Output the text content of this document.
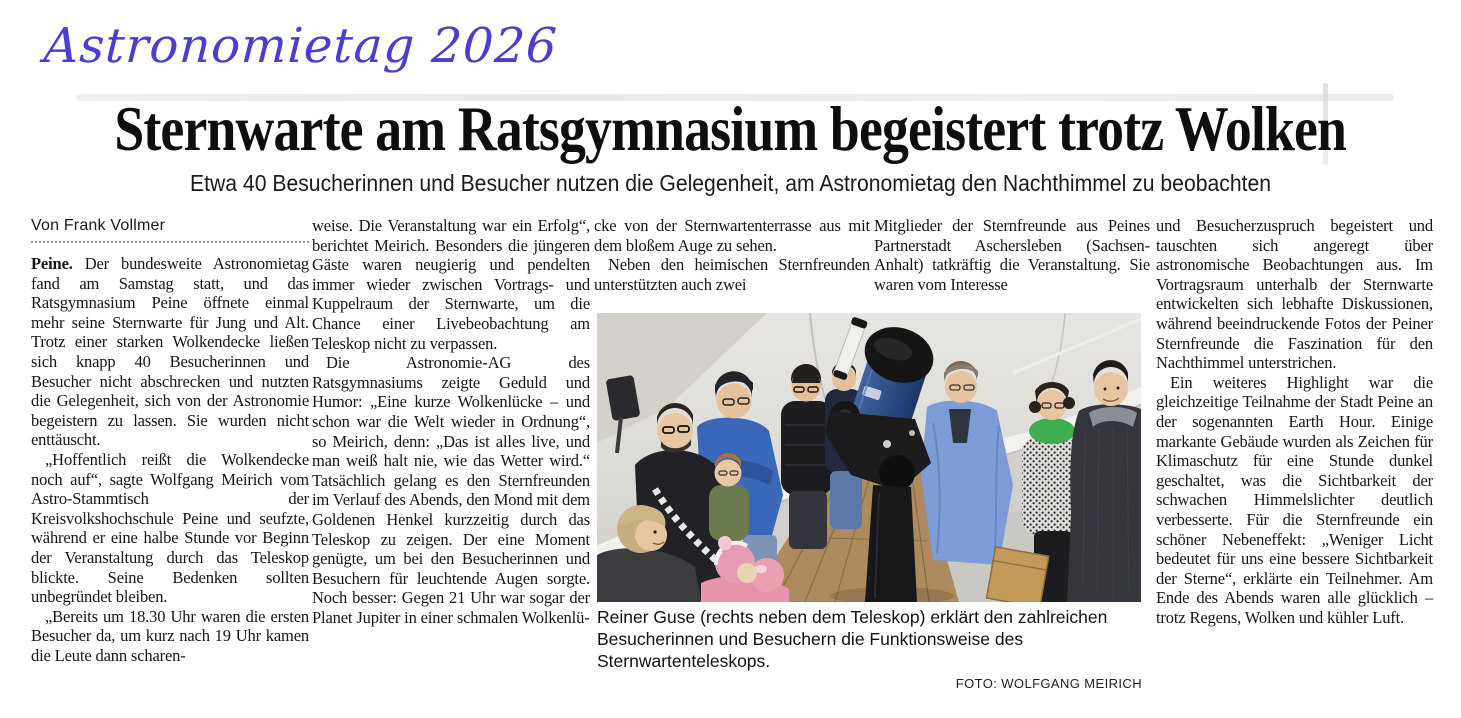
Astronomietag 2026
Sternwarte am Ratsgymnasium begeistert trotz Wolken
Etwa 40 Besucherinnen und Besucher nutzen die Gelegenheit, am Astronomietag den Nachthimmel zu beobachten
Von Frank Vollmer

Peine. Der bundesweite Astronomietag fand am Samstag statt, und das Ratsgymnasium Peine öffnete einmal mehr seine Sternwarte für Jung und Alt. Trotz einer starken Wolkendecke ließen sich knapp 40 Besucherinnen und Besucher nicht abschrecken und nutzten die Gelegenheit, sich von der Astronomie begeistern zu lassen. Sie wurden nicht enttäuscht.

„Hoffentlich reißt die Wolkendecke noch auf“, sagte Wolfgang Meirich vom Astro-Stammtisch der Kreisvolkshochschule Peine und seufzte, während er eine halbe Stunde vor Beginn der Veranstaltung durch das Teleskop blickte. Seine Bedenken sollten unbegründet bleiben.

„Bereits um 18.30 Uhr waren die ersten Besucher da, um kurz nach 19 Uhr kamen die Leute dann scharen-

weise. Die Veranstaltung war ein Erfolg“, berichtet Meirich. Besonders die jüngeren Gäste waren neugierig und pendelten immer wieder zwischen Vortrags- und Kuppelraum der Sternwarte, um die Chance einer Livebeobachtung am Teleskop nicht zu verpassen.

Die Astronomie-AG des Ratsgymnasiums zeigte Geduld und Humor: „Eine kurze Wolkenlücke – und schon war die Welt wieder in Ordnung“, so Meirich, denn: „Das ist alles live, und man weiß halt nie, wie das Wetter wird.“ Tatsächlich gelang es den Sternfreunden im Verlauf des Abends, den Mond mit dem Goldenen Henkel kurzzeitig durch das Teleskop zu zeigen. Der eine Moment genügte, um bei den Besucherinnen und Besuchern für leuchtende Augen sorgte. Noch besser: Gegen 21 Uhr war sogar der Planet Jupiter in einer schmalen Wolkenlü-

cke von der Sternwartenterrasse aus mit dem bloßem Auge zu sehen.

Neben den heimischen Sternfreunden unterstützten auch zwei

Mitglieder der Sternfreunde aus Peines Partnerstadt Aschersleben (Sachsen-Anhalt) tatkräftig die Veranstaltung. Sie waren vom Interesse

und Besucherzuspruch begeistert und tauschten sich angeregt über astronomische Beobachtungen aus. Im Vortragsraum unterhalb der Sternwarte entwickelten sich lebhafte Diskussionen, während beeindruckende Fotos der Peiner Sternfreunde die Faszination für den Nachthimmel unterstrichen.

Ein weiteres Highlight war die gleichzeitige Teilnahme der Stadt Peine an der sogenannten Earth Hour. Einige markante Gebäude wurden als Zeichen für Klimaschutz für eine Stunde dunkel geschaltet, was die Sichtbarkeit der schwachen Himmelslichter deutlich verbesserte. Für die Sternfreunde ein schöner Nebeneffekt: „Weniger Licht bedeutet für uns eine bessere Sichtbarkeit der Sterne“, erklärte ein Teilnehmer. Am Ende des Abends waren alle glücklich – trotz Regens, Wolken und kühler Luft.

Reiner Guse (rechts neben dem Teleskop) erklärt den zahlreichen Besucherinnen und Besuchern die Funktionsweise des Sternwartenteleskops.

FOTO: WOLFGANG MEIRICH
